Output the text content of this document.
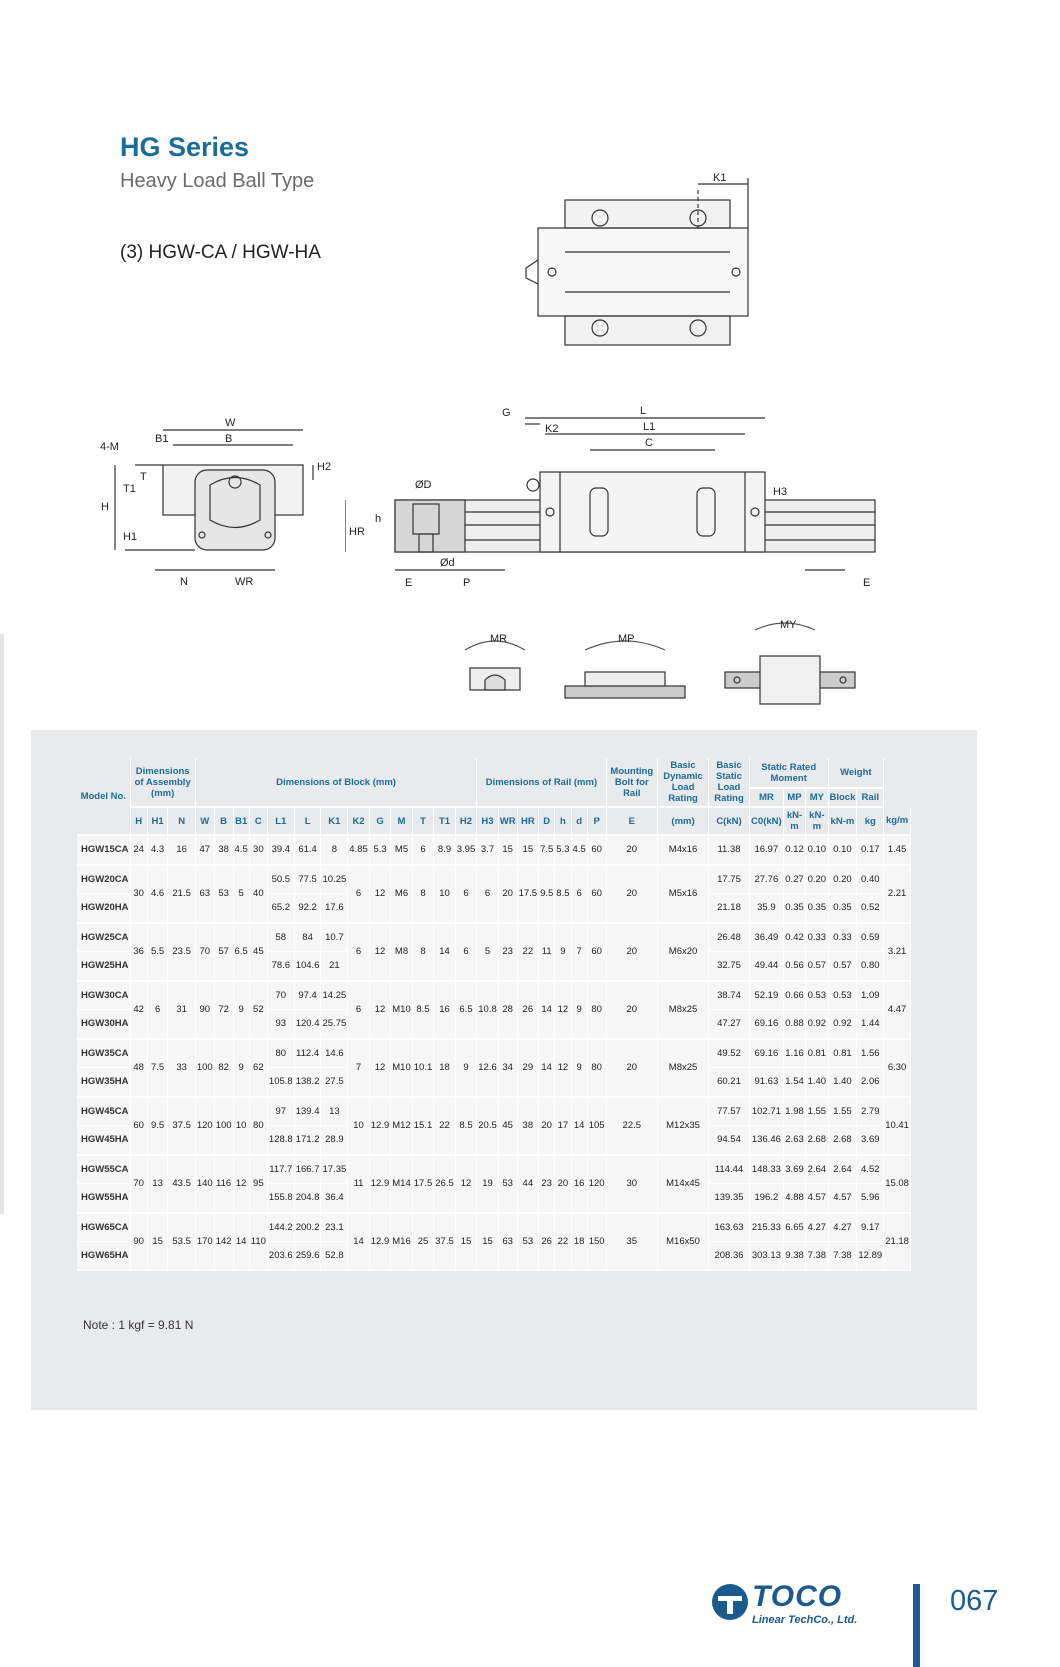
HG Series
Heavy Load Ball Type
(3) HGW-CA / HGW-HA
K1
W
B
B1
4-M
T
T1
H
H1
H2
N	WR
G	L
K2	L1
C
ØD
Ød
h
HR
H3
E	P	E
MR	MP
MY
Model No.	Dimensions of Assembly (mm)			Dimensions of Block (mm)													Dimensions of Rail (mm)							Mounting Bolt for Rail	Basic Dynamic Load Rating	Basic Static Load Rating	Static Rated Moment			Weight		
																											MR	MP	MY	Block	Rail	
	H	H1	N	W	B	B1	C	L1	L	K1	K2	G	M	T	T1	H2	H3	WR	HR	D	h	d	P	E	(mm)	C(kN)	C0(kN)	kN-m	kN-m	kN-m	kg	kg/m
HGW15CA	24	4.3	16	47	38	4.5	30	39.4	61.4	8	4.85	5.3	M5	6	8.9	3.95	3.7	15	15	7.5	5.3	4.5	60	20	M4x16	11.38	16.97	0.12	0.10	0.10	0.17	1.45
HGW20CA	30	4.6	21.5	63	53	5	40	50.5	77.5	10.25	6	12	M6	8	10	6	6	20	17.5	9.5	8.5	6	60	20	M5x16	17.75	27.76	0.27	0.20	0.20	0.40	2.21
HGW20HA								65.2	92.2	17.6																21.18	35.9	0.35	0.35	0.35	0.52	
HGW25CA	36	5.5	23.5	70	57	6.5	45	58	84	10.7	6	12	M8	8	14	6	5	23	22	11	9	7	60	20	M6x20	26.48	36.49	0.42	0.33	0.33	0.59	3.21
HGW25HA								78.6	104.6	21																32.75	49.44	0.56	0.57	0.57	0.80	
HGW30CA	42	6	31	90	72	9	52	70	97.4	14.25	6	12	M10	8.5	16	6.5	10.8	28	26	14	12	9	80	20	M8x25	38.74	52.19	0.66	0.53	0.53	1.09	4.47
HGW30HA								93	120.4	25.75																47.27	69.16	0.88	0.92	0.92	1.44	
HGW35CA	48	7.5	33	100	82	9	62	80	112.4	14.6	7	12	M10	10.1	18	9	12.6	34	29	14	12	9	80	20	M8x25	49.52	69.16	1.16	0.81	0.81	1.56	6.30
HGW35HA								105.8	138.2	27.5																60.21	91.63	1.54	1.40	1.40	2.06	
HGW45CA	60	9.5	37.5	120	100	10	80	97	139.4	13	10	12.9	M12	15.1	22	8.5	20.5	45	38	20	17	14	105	22.5	M12x35	77.57	102.71	1.98	1.55	1.55	2.79	10.41
HGW45HA								128.8	171.2	28.9																94.54	136.46	2.63	2.68	2.68	3.69	
HGW55CA	70	13	43.5	140	116	12	95	117.7	166.7	17.35	11	12.9	M14	17.5	26.5	12	19	53	44	23	20	16	120	30	M14x45	114.44	148.33	3.69	2.64	2.64	4.52	15.08
HGW55HA								155.8	204.8	36.4																139.35	196.2	4.88	4.57	4.57	5.96	
HGW65CA	90	15	53.5	170	142	14	110	144.2	200.2	23.1	14	12.9	M16	25	37.5	15	15	63	53	26	22	18	150	35	M16x50	163.63	215.33	6.65	4.27	4.27	9.17	21.18
HGW65HA								203.6	259.6	52.8																208.36	303.13	9.38	7.38	7.38	12.89	
Note : 1 kgf = 9.81 N
TOCO
Linear TechCo., Ltd.
067
